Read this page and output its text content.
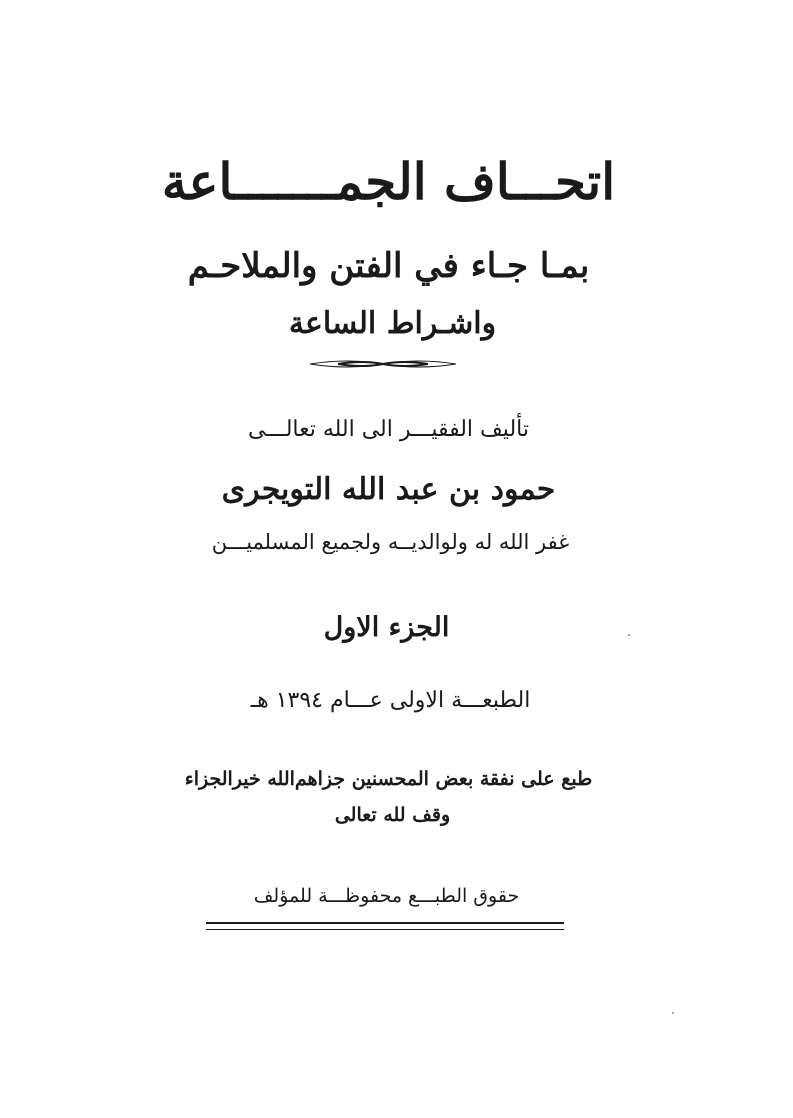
اتحـــاف الجمـــــــاعة
بمـا جـاء في الفتن والملاحـم
واشـراط الساعة
تأليف الفقيـــر الى الله تعالـــى
حمود بن عبد الله التويجرى
غفر الله له ولوالديــه ولجميع المسلميـــن
الجزء الاول
الطبعـــة الاولى عـــام ١٣٩٤ هـ
طبع على نفقة بعض المحسنين جزاهم‌الله خيرالجزاء
وقف لله تعالى
حقوق الطبـــع محفوظـــة للمؤلف
